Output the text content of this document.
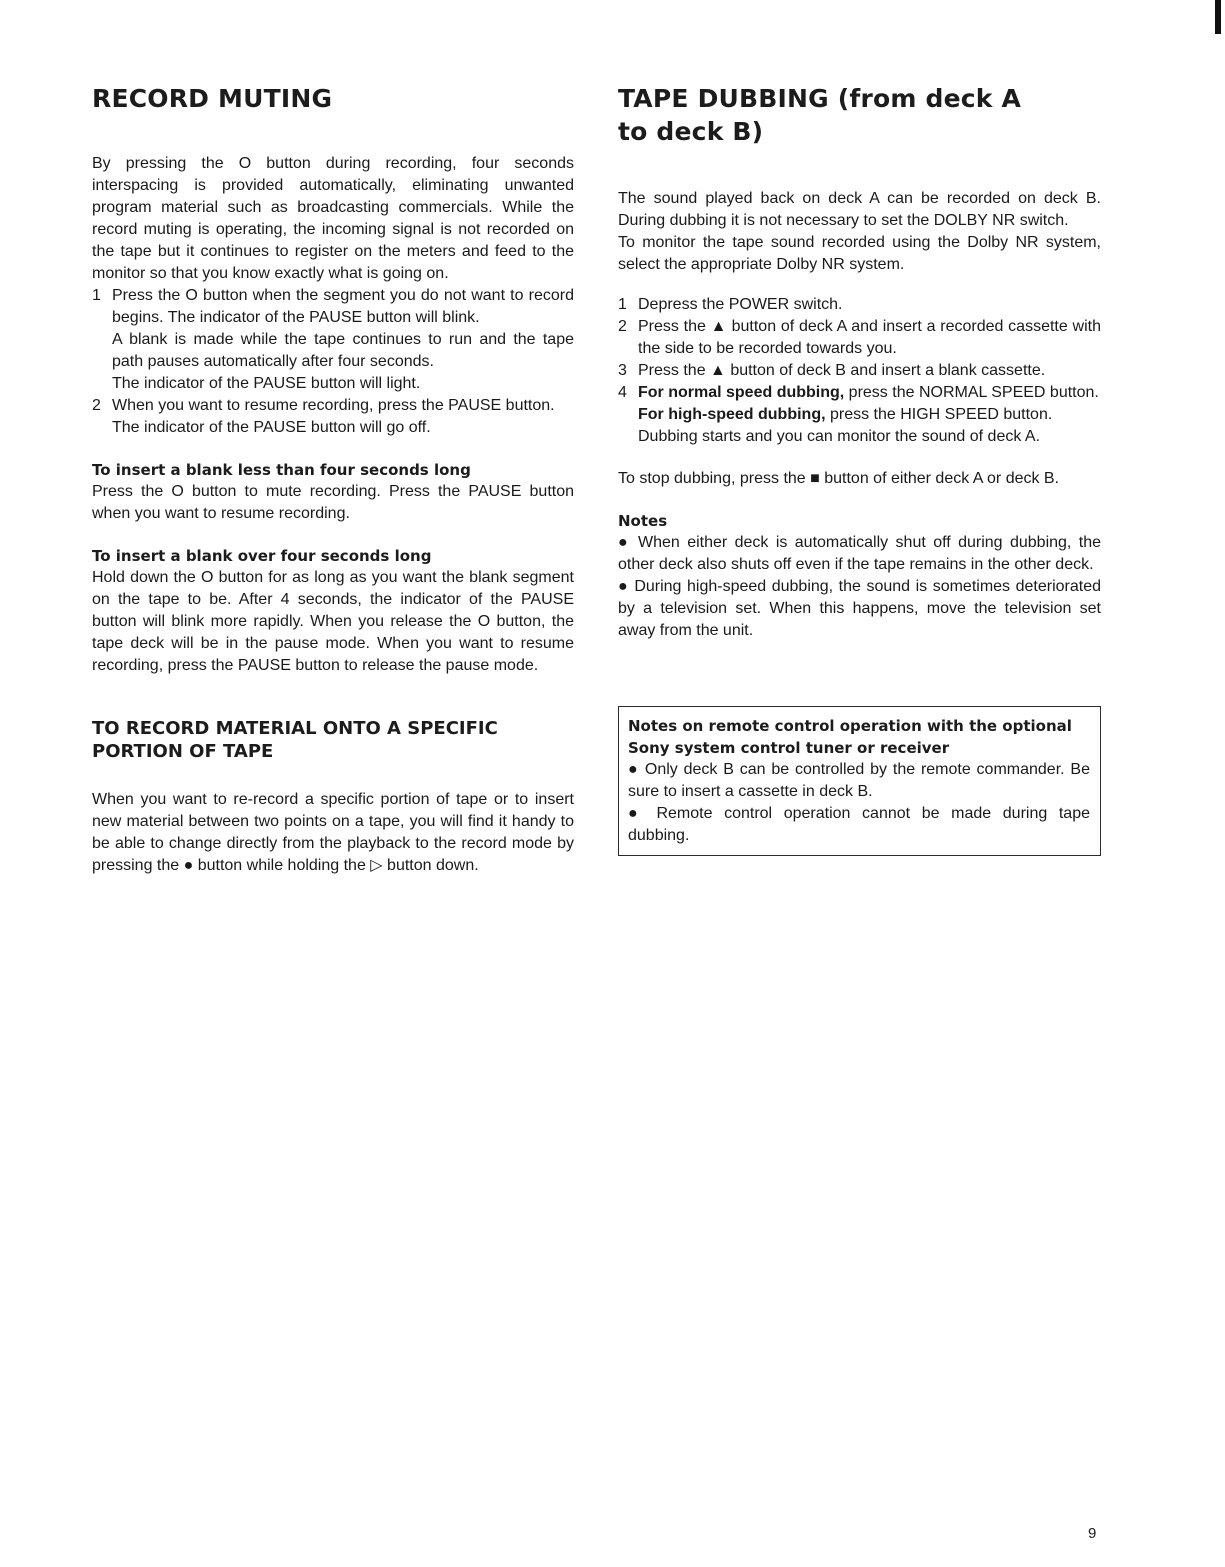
RECORD MUTING

By pressing the O button during recording, four seconds interspacing is provided automatically, eliminating unwanted program material such as broadcasting commercials. While the record muting is operating, the incoming signal is not recorded on the tape but it continues to register on the meters and feed to the monitor so that you know exactly what is going on.

1 Press the O button when the segment you do not want to record begins. The indicator of the PAUSE button will blink.

A blank is made while the tape continues to run and the tape path pauses automatically after four seconds.

The indicator of the PAUSE button will light.

2 When you want to resume recording, press the PAUSE button.

The indicator of the PAUSE button will go off.

To insert a blank less than four seconds long

Press the O button to mute recording. Press the PAUSE button when you want to resume recording.

To insert a blank over four seconds long

Hold down the O button for as long as you want the blank segment on the tape to be. After 4 seconds, the indicator of the PAUSE button will blink more rapidly. When you release the O button, the tape deck will be in the pause mode. When you want to resume recording, press the PAUSE button to release the pause mode.

TO RECORD MATERIAL ONTO A SPECIFIC PORTION OF TAPE

When you want to re-record a specific portion of tape or to insert new material between two points on a tape, you will find it handy to be able to change directly from the playback to the record mode by pressing the ● button while holding the ▷ button down.

TAPE DUBBING (from deck A to deck B)

The sound played back on deck A can be recorded on deck B. During dubbing it is not necessary to set the DOLBY NR switch.

To monitor the tape sound recorded using the Dolby NR system, select the appropriate Dolby NR system.

1 Depress the POWER switch.

2 Press the ▲ button of deck A and insert a recorded cassette with the side to be recorded towards you.

3 Press the ▲ button of deck B and insert a blank cassette.

4 For normal speed dubbing, press the NORMAL SPEED button.

For high-speed dubbing, press the HIGH SPEED button.

Dubbing starts and you can monitor the sound of deck A.

To stop dubbing, press the ■ button of either deck A or deck B.

Notes

● When either deck is automatically shut off during dubbing, the other deck also shuts off even if the tape remains in the other deck.

● During high-speed dubbing, the sound is sometimes deteriorated by a television set. When this happens, move the television set away from the unit.

Notes on remote control operation with the optional Sony system control tuner or receiver

● Only deck B can be controlled by the remote commander. Be sure to insert a cassette in deck B.

● Remote control operation cannot be made during tape dubbing.

9
